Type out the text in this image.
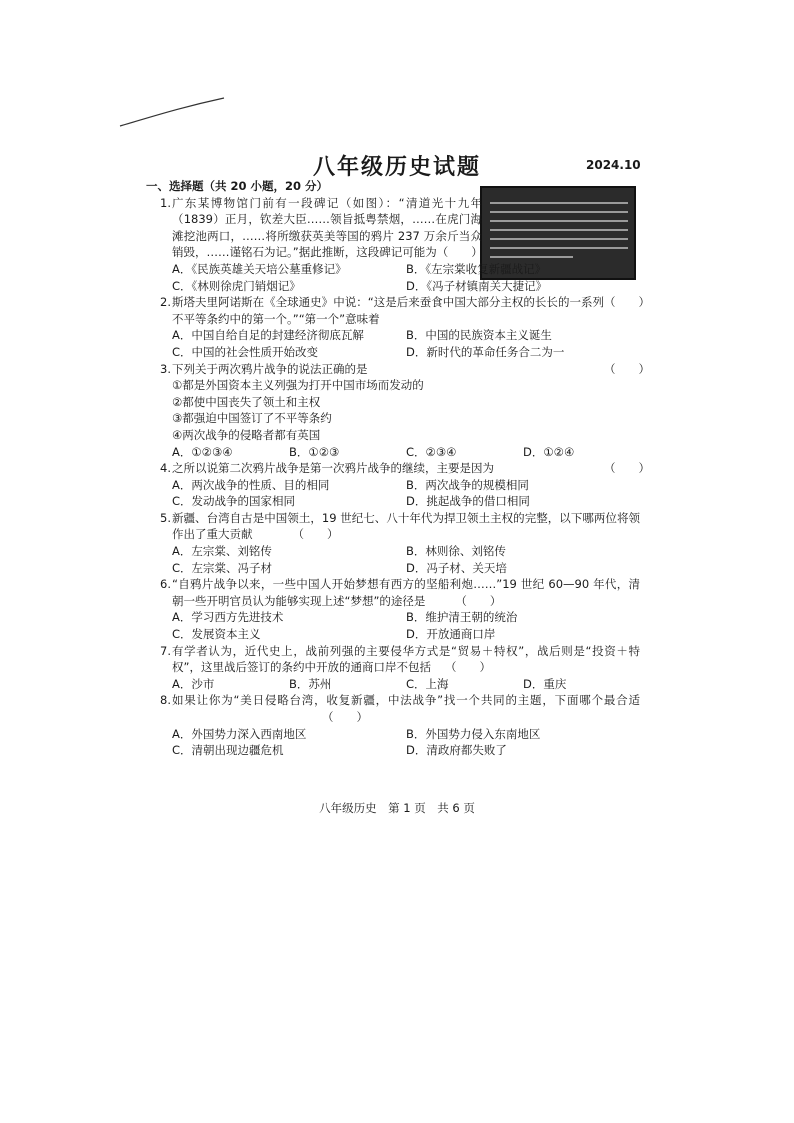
八年级历史试题	2024.10
一、选择题（共 20 小题，20 分）
1. 广东某博物馆门前有一段碑记（如图）：“清道光十九年（1839）正月，钦差大臣……领旨抵粤禁烟，……在虎门海滩挖池两口，……将所缴获英美等国的鸦片 237 万余斤当众销毁，……谨铭石为记。”据此推断，这段碑记可能为（　　）
A．《民族英雄关天培公墓重修记》	B．《左宗棠收复新疆战记》
C．《林则徐虎门销烟记》	D．《冯子材镇南关大捷记》
2.	（　　）
斯塔夫里阿诺斯在《全球通史》中说：“这是后来蚕食中国大部分主权的长长的一系列不平等条约中的第一个。”“第一个”意味着
A．中国自给自足的封建经济彻底瓦解	B．中国的民族资本主义诞生
C．中国的社会性质开始改变	D．新时代的革命任务合二为一
3.	（　　）
下列关于两次鸦片战争的说法正确的是
①都是外国资本主义列强为打开中国市场而发动的
②都使中国丧失了领土和主权
③都强迫中国签订了不平等条约
④两次战争的侵略者都有英国
A．①②③④	B．①②③	C．②③④	D．①②④
4.	（　　）
之所以说第二次鸦片战争是第一次鸦片战争的继续，主要是因为
A．两次战争的性质、目的相同	B．两次战争的规模相同
C．发动战争的国家相同	D．挑起战争的借口相同
5. 新疆、台湾自古是中国领土，19 世纪七、八十年代为捍卫领土主权的完整，以下哪两位将领作出了重大贡献	（　　）
A．左宗棠、刘铭传	B．林则徐、刘铭传
C．左宗棠、冯子材	D．冯子材、关天培
6. “自鸦片战争以来，一些中国人开始梦想有西方的坚船利炮……”19 世纪 60—90 年代，清朝一些开明官员认为能够实现上述“梦想”的途径是	（　　）
A．学习西方先进技术	B．维护清王朝的统治
C．发展资本主义	D．开放通商口岸
7. 有学者认为，近代史上，战前列强的主要侵华方式是“贸易＋特权”，战后则是“投资＋特权”，这里战后签订的条约中开放的通商口岸不包括 （　　）
A．沙市	B．苏州	C．上海	D．重庆
8. 如果让你为“美日侵略台湾，收复新疆，中法战争”找一个共同的主题，下面哪个最合适（　　）
A．外国势力深入西南地区	B．外国势力侵入东南地区
C．清朝出现边疆危机	D．清政府都失败了
八年级历史　第 1 页　共 6 页
